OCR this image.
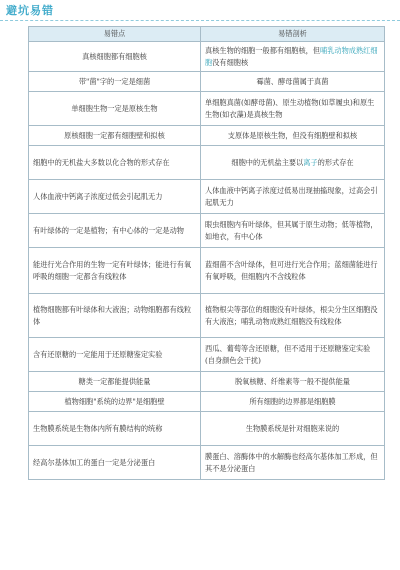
避坑易错
易错点	易错剖析
真核细胞都有细胞核	真核生物的细胞一般都有细胞核，但哺乳动物成熟红细胞没有细胞核
带"菌"字的一定是细菌	霉菌、酵母菌属于真菌
单细胞生物一定是原核生物	单细胞真菌(如酵母菌)、原生动植物(如草履虫)和原生生物(如衣藻)是真核生物
原核细胞一定都有细胞壁和拟核	支原体是原核生物，但没有细胞壁和拟核
细胞中的无机盐大多数以化合物的形式存在	细胞中的无机盐主要以离子的形式存在
人体血液中钙离子浓度过低会引起肌无力	人体血液中钙离子浓度过低易出现抽搐现象，过高会引起肌无力
有叶绿体的一定是植物；有中心体的一定是动物	眼虫细胞内有叶绿体，但其属于原生动物；低等植物，如地衣，有中心体
能进行光合作用的生物一定有叶绿体；能进行有氧呼吸的细胞一定都含有线粒体	蓝细菌不含叶绿体，但可进行光合作用；蓝细菌能进行有氧呼吸，但细胞内不含线粒体
植物细胞都有叶绿体和大液泡；动物细胞都有线粒体	植物根尖等部位的细胞没有叶绿体，根尖分生区细胞没有大液泡；哺乳动物成熟红细胞没有线粒体
含有还原糖的一定能用于还原糖鉴定实验	西瓜、葡萄等含还原糖，但不适用于还原糖鉴定实验(自身颜色会干扰)
糖类一定都能提供能量	脱氧核糖、纤维素等一般不提供能量
植物细胞"系统的边界"是细胞壁	所有细胞的边界都是细胞膜
生物膜系统是生物体内所有膜结构的统称	生物膜系统是针对细胞来说的
经高尔基体加工的蛋白一定是分泌蛋白	膜蛋白、溶酶体中的水解酶也经高尔基体加工形成，但其不是分泌蛋白
